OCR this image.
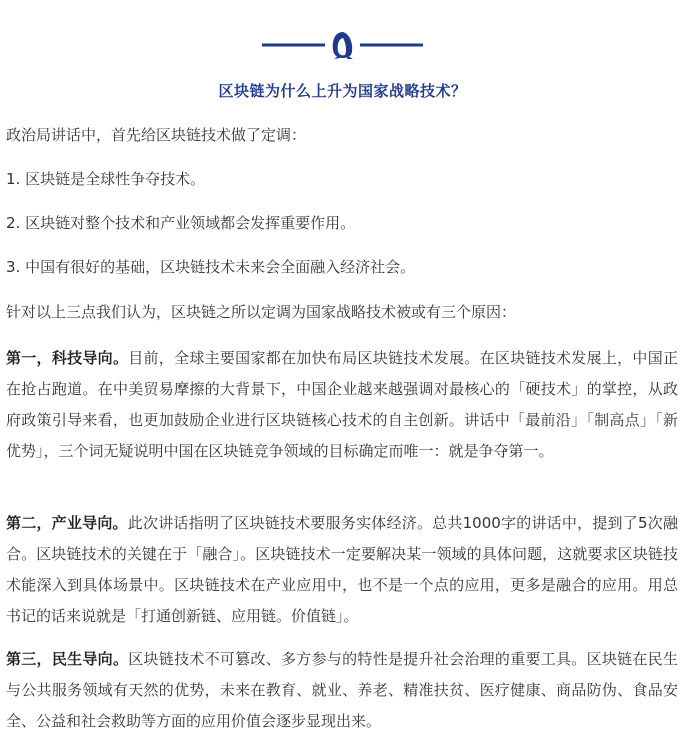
区块链为什么上升为国家战略技术？
政治局讲话中，首先给区块链技术做了定调：
1. 区块链是全球性争夺技术。
2. 区块链对整个技术和产业领域都会发挥重要作用。
3. 中国有很好的基础，区块链技术未来会全面融入经济社会。
针对以上三点我们认为，区块链之所以定调为国家战略技术被或有三个原因：
第一，科技导向。目前，全球主要国家都在加快布局区块链技术发展。在区块链技术发展上，中国正在抢占跑道。在中美贸易摩擦的大背景下，中国企业越来越强调对最核心的「硬技术」的掌控，从政府政策引导来看，也更加鼓励企业进行区块链核心技术的自主创新。讲话中「最前沿」「制高点」「新优势」，三个词无疑说明中国在区块链竞争领域的目标确定而唯一：就是争夺第一。
第二，产业导向。此次讲话指明了区块链技术要服务实体经济。总共1000字的讲话中，提到了5次融合。区块链技术的关键在于「融合」。区块链技术一定要解决某一领域的具体问题，这就要求区块链技术能深入到具体场景中。区块链技术在产业应用中，也不是一个点的应用，更多是融合的应用。用总书记的话来说就是「打通创新链、应用链。价值链」。
第三，民生导向。区块链技术不可篡改、多方参与的特性是提升社会治理的重要工具。区块链在民生与公共服务领域有天然的优势，未来在教育、就业、养老、精准扶贫、医疗健康、商品防伪、食品安全、公益和社会救助等方面的应用价值会逐步显现出来。
